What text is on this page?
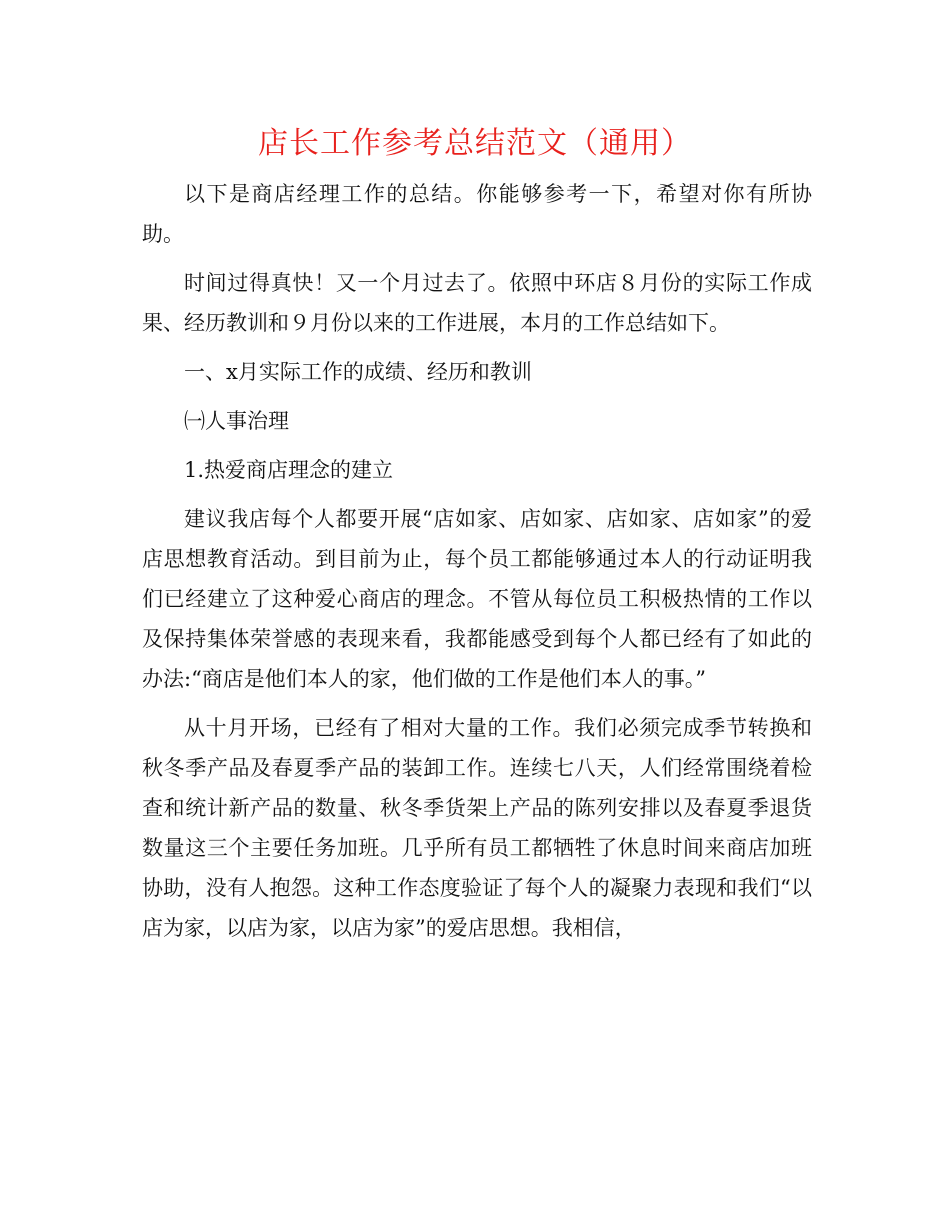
店长工作参考总结范文（通用）

以下是商店经理工作的总结。你能够参考一下，希望对你有所协助。

时间过得真快！又一个月过去了。依照中环店８月份的实际工作成果、经历教训和９月份以来的工作进展，本月的工作总结如下。

一、x月实际工作的成绩、经历和教训

㈠人事治理

1.热爱商店理念的建立

建议我店每个人都要开展“店如家、店如家、店如家、店如家”的爱店思想教育活动。到目前为止，每个员工都能够通过本人的行动证明我们已经建立了这种爱心商店的理念。不管从每位员工积极热情的工作以及保持集体荣誉感的表现来看，我都能感受到每个人都已经有了如此的办法:“商店是他们本人的家，他们做的工作是他们本人的事。”

从十月开场，已经有了相对大量的工作。我们必须完成季节转换和秋冬季产品及春夏季产品的装卸工作。连续七八天，人们经常围绕着检查和统计新产品的数量、秋冬季货架上产品的陈列安排以及春夏季退货数量这三个主要任务加班。几乎所有员工都牺牲了休息时间来商店加班协助，没有人抱怨。这种工作态度验证了每个人的凝聚力表现和我们“以店为家，以店为家，以店为家”的爱店思想。我相信，
